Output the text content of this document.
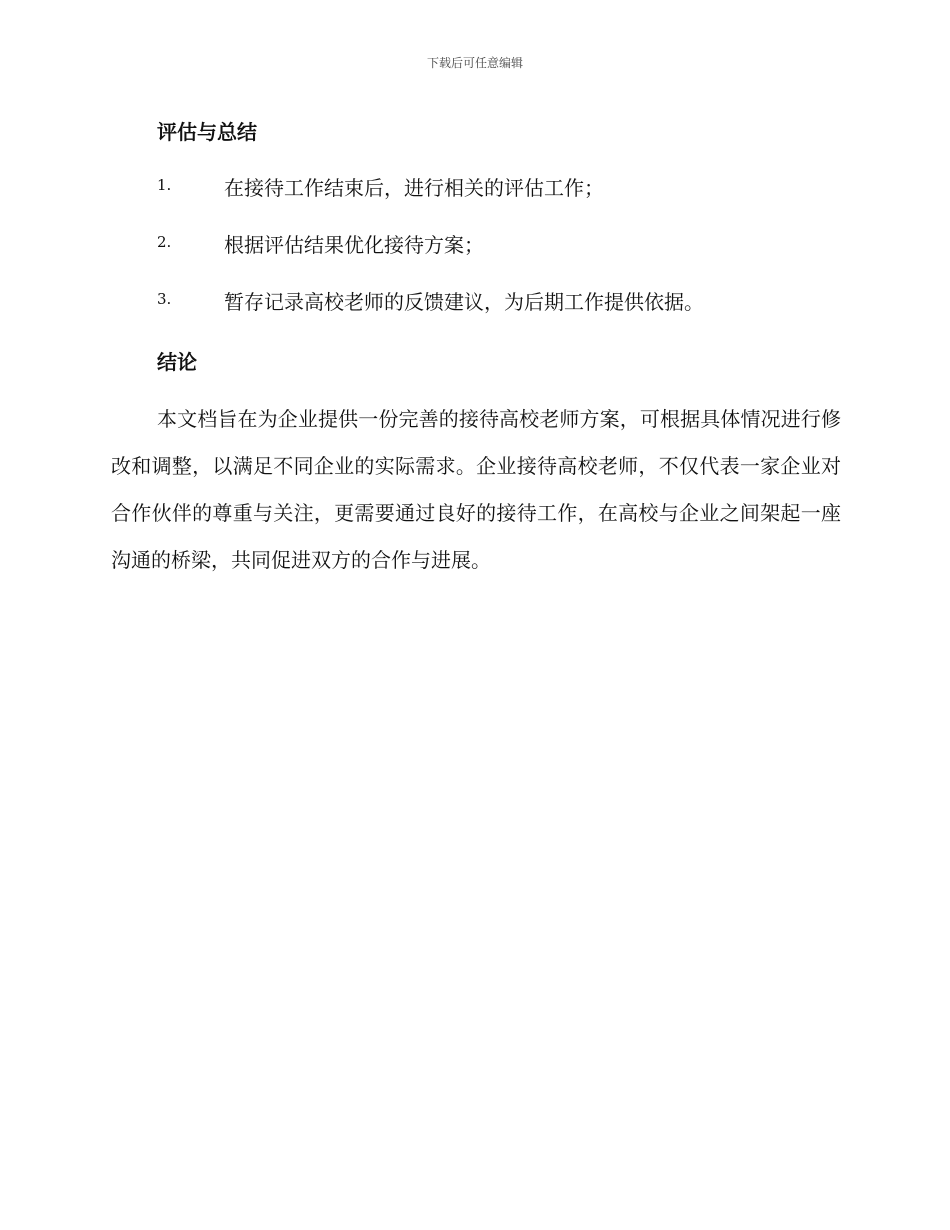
下载后可任意编辑
评估与总结
1.	在接待工作结束后，进行相关的评估工作；
2.	根据评估结果优化接待方案；
3.	暂存记录高校老师的反馈建议，为后期工作提供依据。
结论

本文档旨在为企业提供一份完善的接待高校老师方案，可根据具体情况进行修改和调整，以满足不同企业的实际需求。企业接待高校老师，不仅代表一家企业对合作伙伴的尊重与关注，更需要通过良好的接待工作，在高校与企业之间架起一座沟通的桥梁，共同促进双方的合作与进展。
